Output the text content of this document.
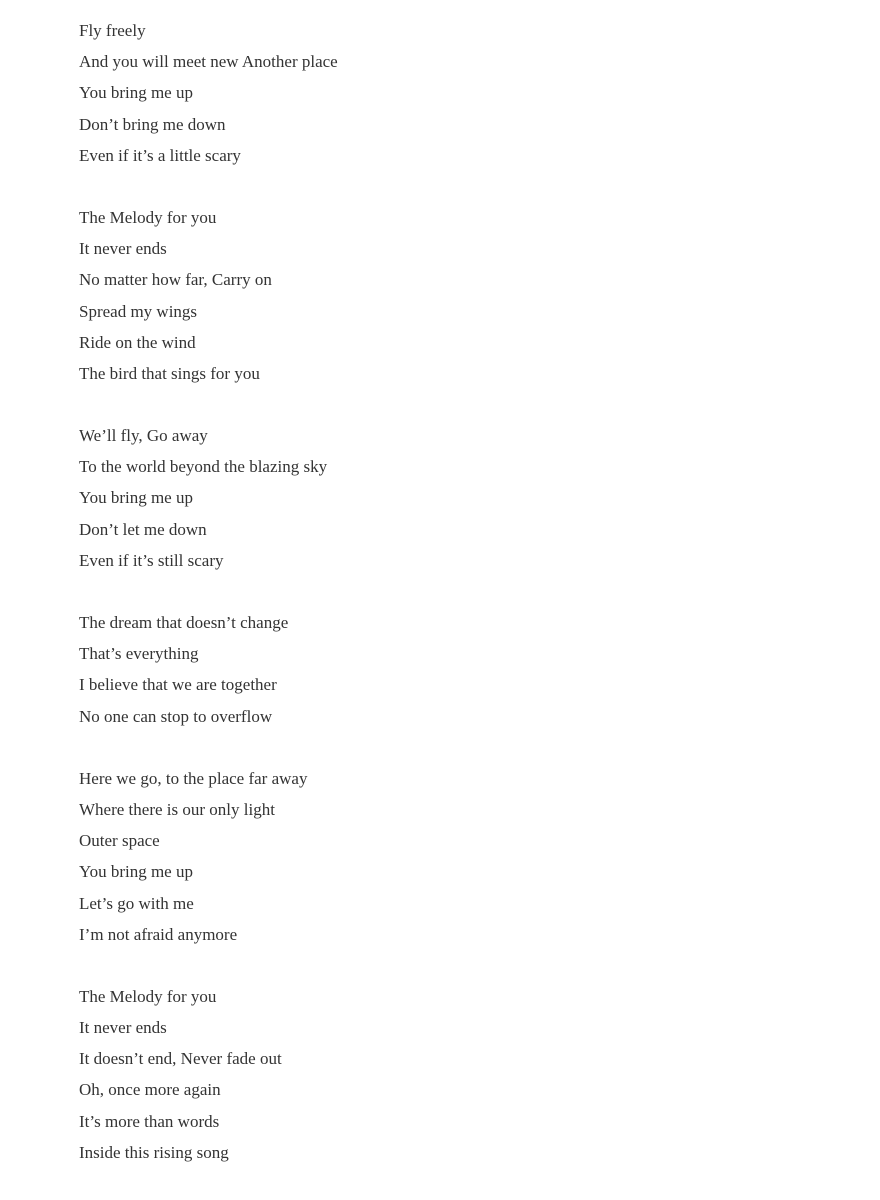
Fly freely
And you will meet new Another place
You bring me up
Don’t bring me down
Even if it’s a little scary
The Melody for you
It never ends
No matter how far, Carry on
Spread my wings
Ride on the wind
The bird that sings for you
We’ll fly, Go away
To the world beyond the blazing sky
You bring me up
Don’t let me down
Even if it’s still scary
The dream that doesn’t change
That’s everything
I believe that we are together
No one can stop to overflow
Here we go, to the place far away
Where there is our only light
Outer space
You bring me up
Let’s go with me
I’m not afraid anymore
The Melody for you
It never ends
It doesn’t end, Never fade out
Oh, once more again
It’s more than words
Inside this rising song
